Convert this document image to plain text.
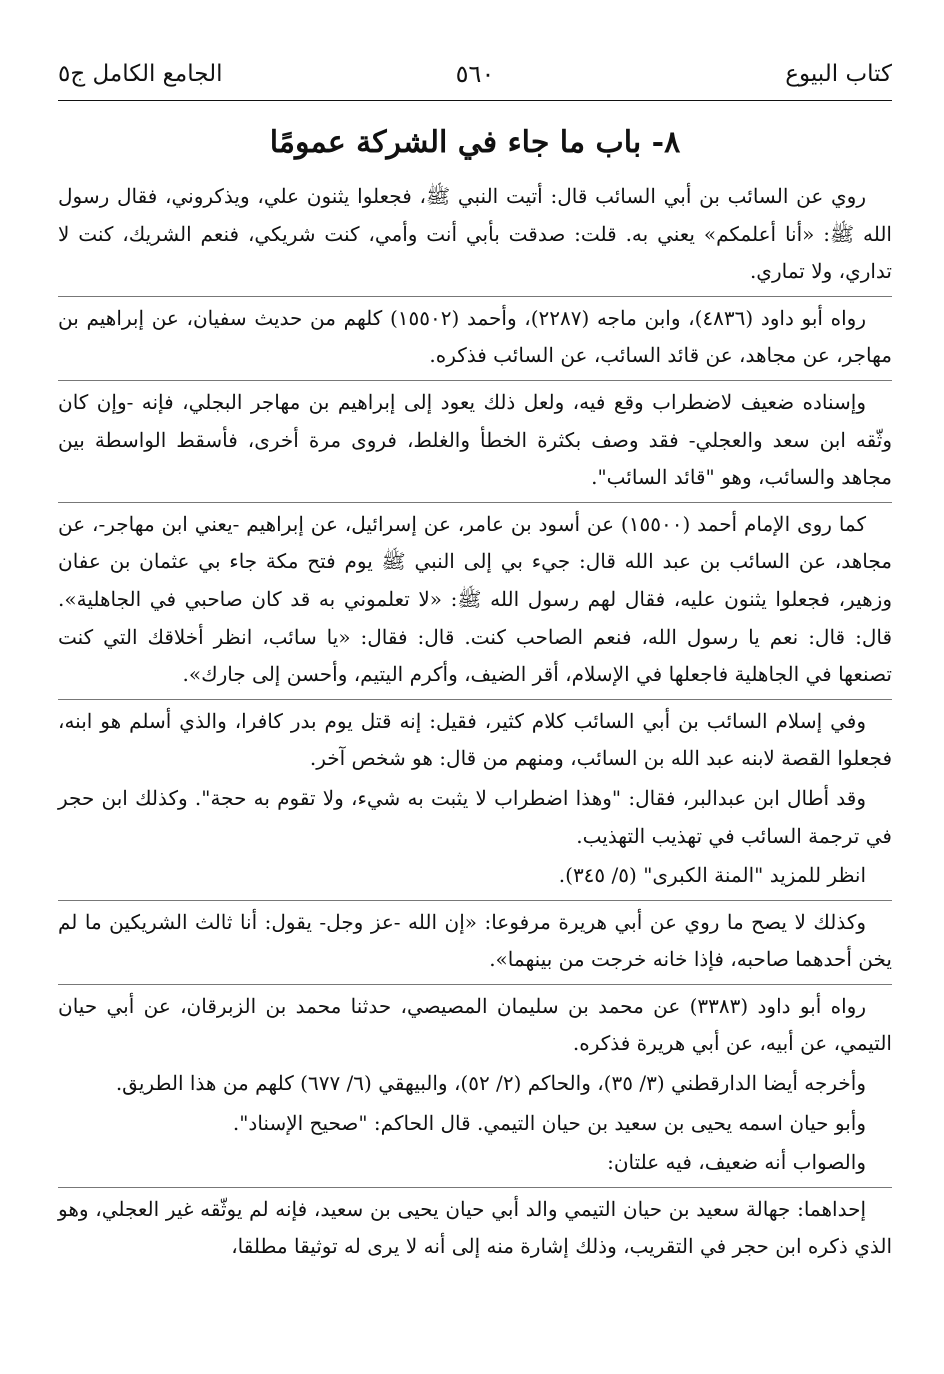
كتاب البيوع
٥٦٠
الجامع الكامل ج٥
٨- باب ما جاء في الشركة عمومًا

روي عن السائب بن أبي السائب قال: أتيت النبي ﷺ، فجعلوا يثنون علي، ويذكروني، فقال رسول الله ﷺ: «أنا أعلمكم» يعني به. قلت: صدقت بأبي أنت وأمي، كنت شريكي، فنعم الشريك، كنت لا تداري، ولا تماري.

رواه أبو داود (٤٨٣٦)، وابن ماجه (٢٢٨٧)، وأحمد (١٥٥٠٢) كلهم من حديث سفيان، عن إبراهيم بن مهاجر، عن مجاهد، عن قائد السائب، عن السائب فذكره.

وإسناده ضعيف لاضطراب وقع فيه، ولعل ذلك يعود إلى إبراهيم بن مهاجر البجلي، فإنه -وإن كان وثّقه ابن سعد والعجلي- فقد وصف بكثرة الخطأ والغلط، فروى مرة أخرى، فأسقط الواسطة بين مجاهد والسائب، وهو "قائد السائب".

كما روى الإمام أحمد (١٥٥٠٠) عن أسود بن عامر، عن إسرائيل، عن إبراهيم -يعني ابن مهاجر-، عن مجاهد، عن السائب بن عبد الله قال: جيء بي إلى النبي ﷺ يوم فتح مكة جاء بي عثمان بن عفان وزهير، فجعلوا يثنون عليه، فقال لهم رسول الله ﷺ: «لا تعلموني به قد كان صاحبي في الجاهلية». قال: قال: نعم يا رسول الله، فنعم الصاحب كنت. قال: فقال: «يا سائب، انظر أخلاقك التي كنت تصنعها في الجاهلية فاجعلها في الإسلام، أقر الضيف، وأكرم اليتيم، وأحسن إلى جارك».

وفي إسلام السائب بن أبي السائب كلام كثير، فقيل: إنه قتل يوم بدر كافرا، والذي أسلم هو ابنه، فجعلوا القصة لابنه عبد الله بن السائب، ومنهم من قال: هو شخص آخر.

وقد أطال ابن عبدالبر، فقال: "وهذا اضطراب لا يثبت به شيء، ولا تقوم به حجة". وكذلك ابن حجر في ترجمة السائب في تهذيب التهذيب.

انظر للمزيد "المنة الكبرى" (٥/ ٣٤٥).

وكذلك لا يصح ما روي عن أبي هريرة مرفوعا: «إن الله -عز وجل- يقول: أنا ثالث الشريكين ما لم يخن أحدهما صاحبه، فإذا خانه خرجت من بينهما».

رواه أبو داود (٣٣٨٣) عن محمد بن سليمان المصيصي، حدثنا محمد بن الزبرقان، عن أبي حيان التيمي، عن أبيه، عن أبي هريرة فذكره.

وأخرجه أيضا الدارقطني (٣/ ٣٥)، والحاكم (٢/ ٥٢)، والبيهقي (٦/ ٦٧٧) كلهم من هذا الطريق.

وأبو حيان اسمه يحيى بن سعيد بن حيان التيمي. قال الحاكم: "صحيح الإسناد".

والصواب أنه ضعيف، فيه علتان:

إحداهما: جهالة سعيد بن حيان التيمي والد أبي حيان يحيى بن سعيد، فإنه لم يوثّقه غير العجلي، وهو الذي ذكره ابن حجر في التقريب، وذلك إشارة منه إلى أنه لا يرى له توثيقا مطلقا،
